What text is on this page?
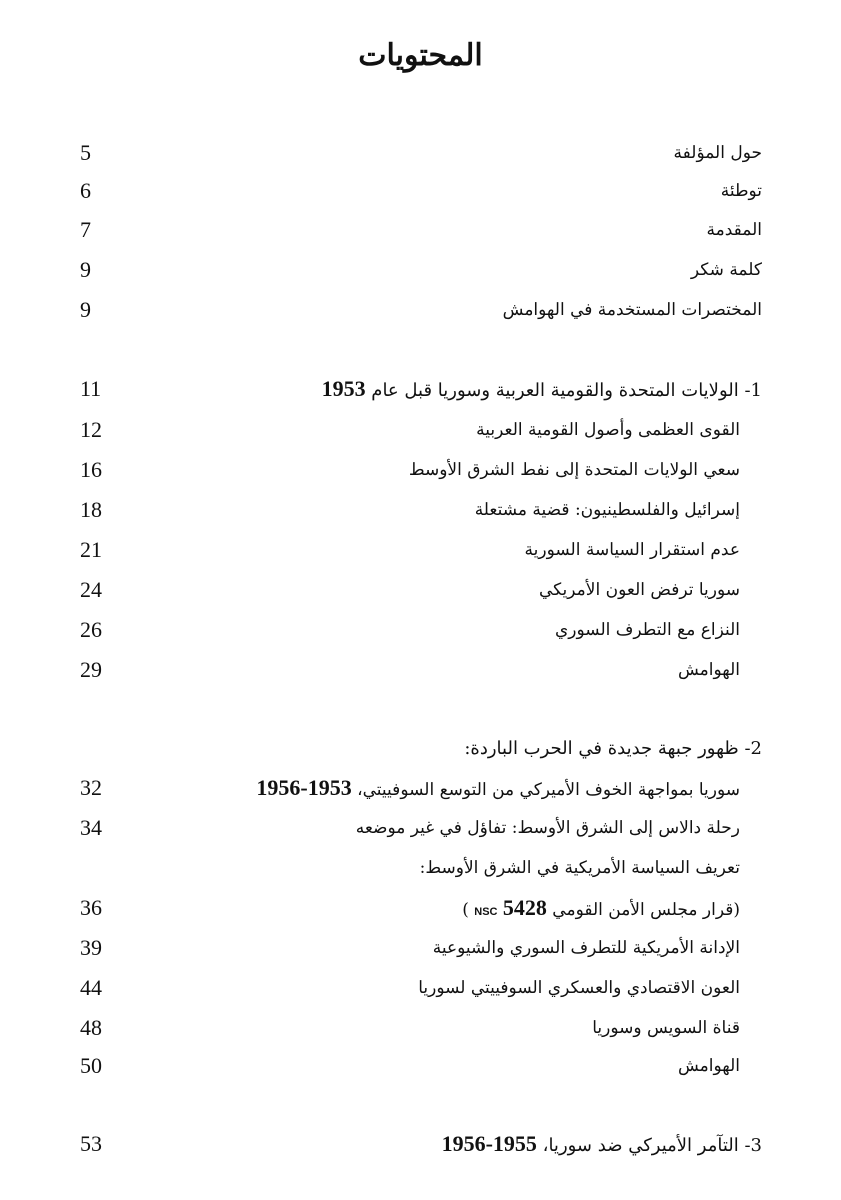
المحتويات
5	حول المؤلفة
6	توطئة
7	المقدمة
9	كلمة شكر
9	المختصرات المستخدمة في الهوامش
11	1- الولايات المتحدة والقومية العربية وسوريا قبل عام 1953
12	القوى العظمى وأصول القومية العربية
16	سعي الولايات المتحدة إلى نفط الشرق الأوسط
18	إسرائيل والفلسطينيون: قضية مشتعلة
21	عدم استقرار السياسة السورية
24	سوريا ترفض العون الأمريكي
26	النزاع مع التطرف السوري
29	الهوامش
2- ظهور جبهة جديدة في الحرب الباردة:
32	سوريا بمواجهة الخوف الأميركي من التوسع السوفييتي، 1953-1956
34	رحلة دالاس إلى الشرق الأوسط: تفاؤل في غير موضعه
تعريف السياسة الأمريكية في الشرق الأوسط:
36	(قرار مجلس الأمن القومي 5428 NSC )
39	الإدانة الأمريكية للتطرف السوري والشيوعية
44	العون الاقتصادي والعسكري السوفييتي لسوريا
48	قناة السويس وسوريا
50	الهوامش
53	3- التآمر الأميركي ضد سوريا، 1955-1956
